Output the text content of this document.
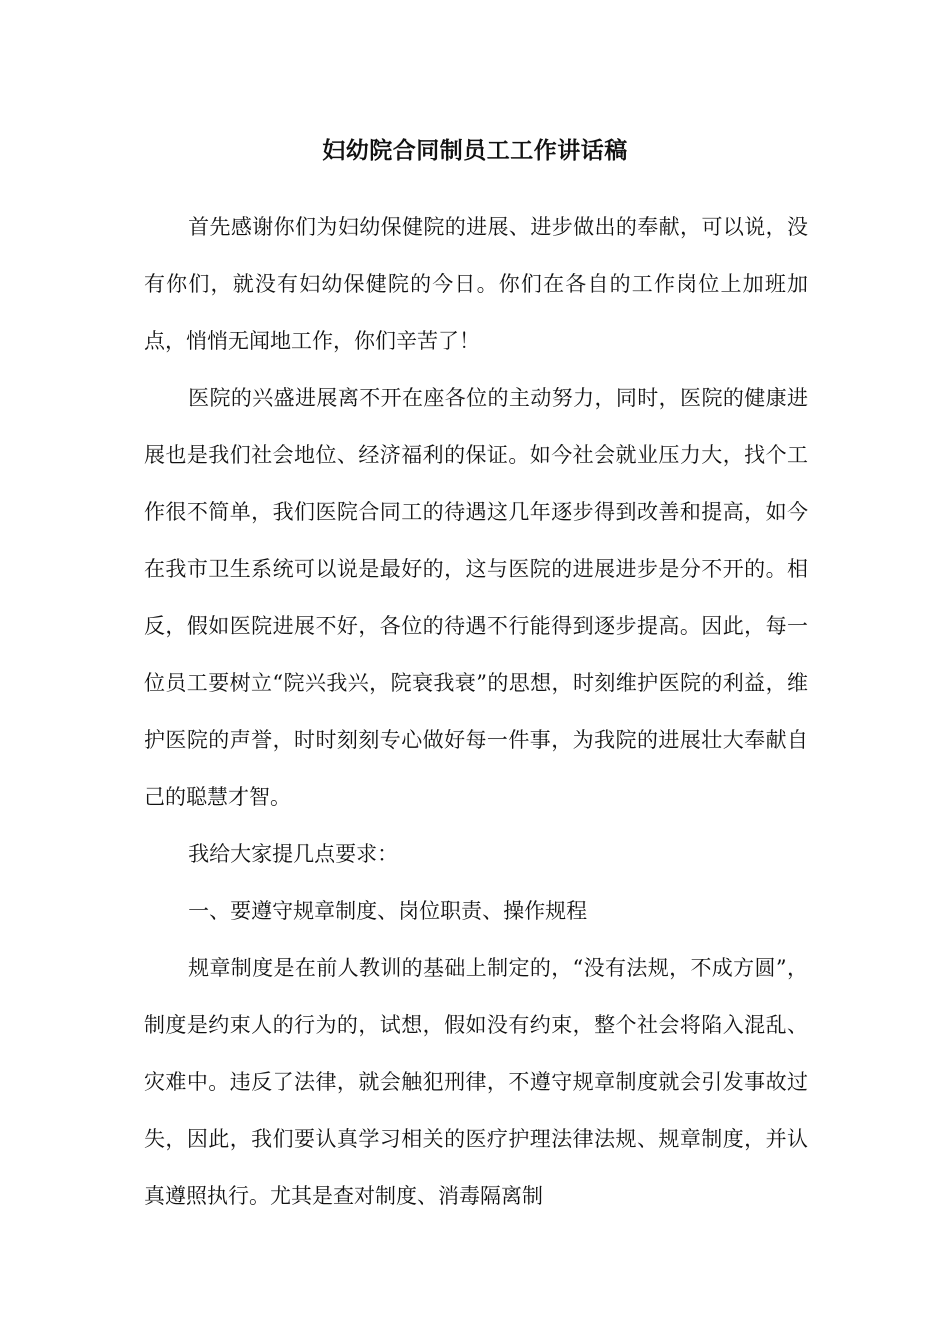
妇幼院合同制员工工作讲话稿

首先感谢你们为妇幼保健院的进展、进步做出的奉献，可以说，没有你们，就没有妇幼保健院的今日。你们在各自的工作岗位上加班加点，悄悄无闻地工作，你们辛苦了！

医院的兴盛进展离不开在座各位的主动努力，同时，医院的健康进展也是我们社会地位、经济福利的保证。如今社会就业压力大，找个工作很不简单，我们医院合同工的待遇这几年逐步得到改善和提高，如今在我市卫生系统可以说是最好的，这与医院的进展进步是分不开的。相反，假如医院进展不好，各位的待遇不行能得到逐步提高。因此，每一位员工要树立“院兴我兴，院衰我衰”的思想，时刻维护医院的利益，维护医院的声誉，时时刻刻专心做好每一件事，为我院的进展壮大奉献自己的聪慧才智。

我给大家提几点要求：

一、要遵守规章制度、岗位职责、操作规程

规章制度是在前人教训的基础上制定的，“没有法规，不成方圆”，制度是约束人的行为的，试想，假如没有约束，整个社会将陷入混乱、灾难中。违反了法律，就会触犯刑律，不遵守规章制度就会引发事故过失，因此，我们要认真学习相关的医疗护理法律法规、规章制度，并认真遵照执行。尤其是查对制度、消毒隔离制
